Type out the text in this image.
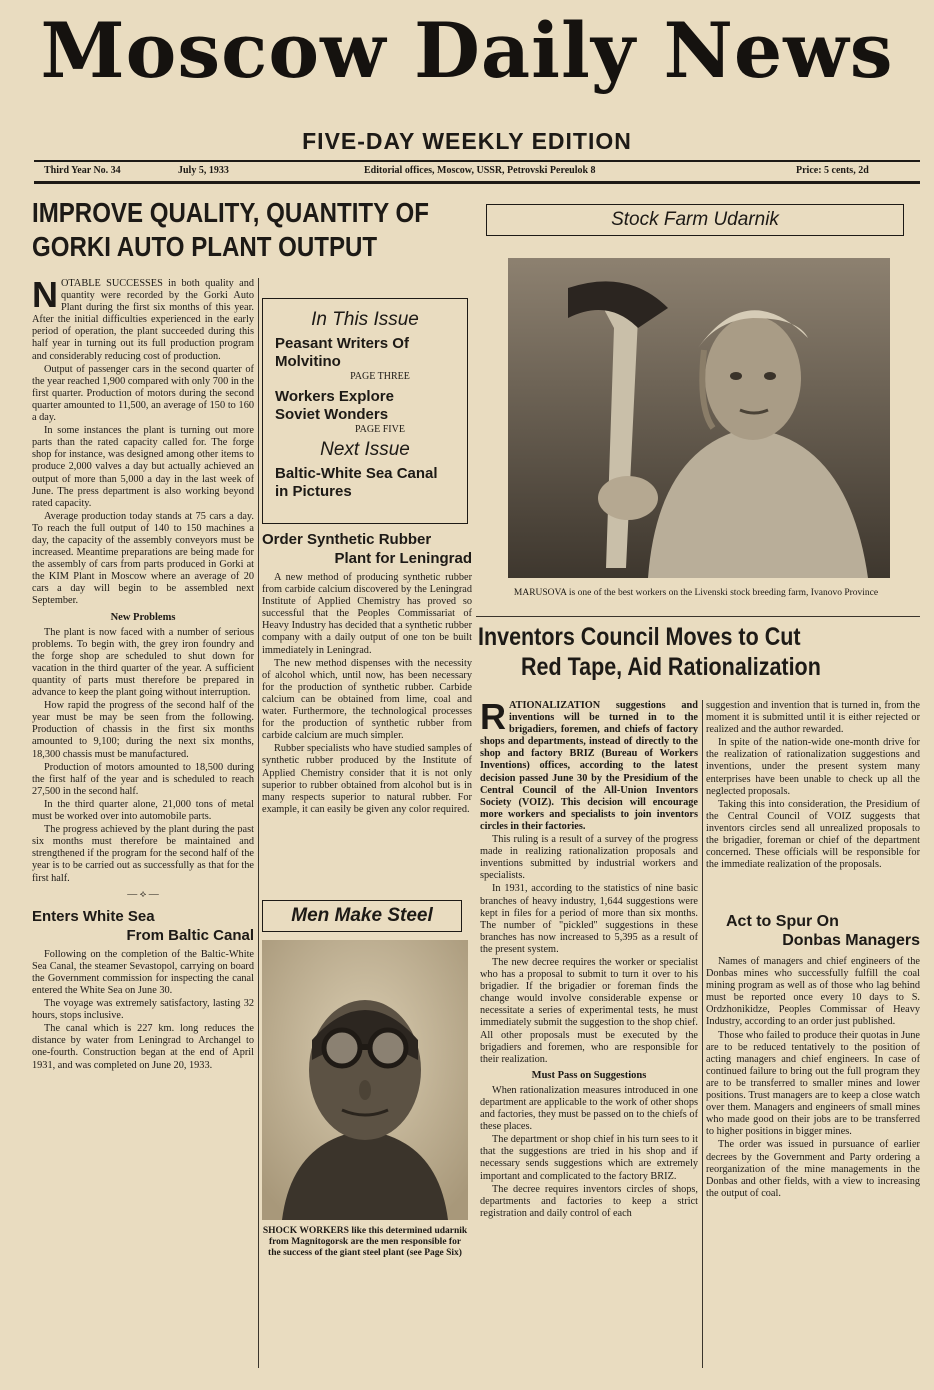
Moscow Daily News
FIVE-DAY WEEKLY EDITION
Third Year No. 34	July 5, 1933	Editorial offices, Moscow, USSR, Petrovski Pereulok 8	Price: 5 cents, 2d
IMPROVE QUALITY, QUANTITY OF GORKI AUTO PLANT OUTPUT

NOTABLE SUCCESSES in both quality and quantity were recorded by the Gorki Auto Plant during the first six months of this year. After the initial difficulties experienced in the early period of operation, the plant succeeded during this half year in turning out its full production program and considerably reducing cost of production.

Output of passenger cars in the second quarter of the year reached 1,900 compared with only 700 in the first quarter. Production of motors during the second quarter amounted to 11,500, an average of 150 to 160 a day.

In some instances the plant is turning out more parts than the rated capacity called for. The forge shop for instance, was designed among other items to produce 2,000 valves a day but actually achieved an output of more than 5,000 a day in the last week of June. The press department is also working beyond rated capacity.

Average production today stands at 75 cars a day. To reach the full output of 140 to 150 machines a day, the capacity of the assembly conveyors must be increased. Meantime preparations are being made for the assembly of cars from parts produced in Gorki at the KIM Plant in Moscow where an average of 20 cars a day will begin to be assembled next September.

New Problems

The plant is now faced with a number of serious problems. To begin with, the grey iron foundry and the forge shop are scheduled to shut down for vacation in the third quarter of the year. A sufficient quantity of parts must therefore be prepared in advance to keep the plant going without interruption.

How rapid the progress of the second half of the year must be may be seen from the following. Production of chassis in the first six months amounted to 9,100; during the next six months, 18,300 chassis must be manufactured.

Production of motors amounted to 18,500 during the first half of the year and is scheduled to reach 27,500 in the second half.

In the third quarter alone, 21,000 tons of metal must be worked over into automobile parts.

The progress achieved by the plant during the past six months must therefore be maintained and strengthened if the program for the second half of the year is to be carried out as successfully as that for the first half.

— ⟡ —
Enters White Sea
From Baltic Canal

Following on the completion of the Baltic-White Sea Canal, the steamer Sevastopol, carrying on board the Government commission for inspecting the canal entered the White Sea on June 30.

The voyage was extremely satisfactory, lasting 32 hours, stops inclusive.

The canal which is 227 km. long reduces the distance by water from Leningrad to Archangel to one-fourth. Construction began at the end of April 1931, and was completed on June 20, 1933.

In This Issue
Peasant Writers Of Molvitino
PAGE THREE
Workers Explore Soviet Wonders
PAGE FIVE
Next Issue
Baltic-White Sea Canal in Pictures
Order Synthetic Rubber
Plant for Leningrad

A new method of producing synthetic rubber from carbide calcium discovered by the Leningrad Institute of Applied Chemistry has proved so successful that the Peoples Commissariat of Heavy Industry has decided that a synthetic rubber company with a daily output of one ton be built immediately in Leningrad.

The new method dispenses with the necessity of alcohol which, until now, has been necessary for the production of synthetic rubber. Carbide calcium can be obtained from lime, coal and water. Furthermore, the technological processes for the production of synthetic rubber from carbide calcium are much simpler.

Rubber specialists who have studied samples of synthetic rubber produced by the Institute of Applied Chemistry consider that it is not only superior to rubber obtained from alcohol but is in many respects superior to natural rubber. For example, it can easily be given any color required.

Men Make Steel
SHOCK WORKERS like this determined udarnik from Magnitogorsk are the men responsible for the success of the giant steel plant (see Page Six)
Stock Farm Udarnik
MARUSOVA is one of the best workers on the Livenski stock breeding farm, Ivanovo Province
Inventors Council Moves to Cut
Red Tape, Aid Rationalization

RATIONALIZATION suggestions and inventions will be turned in to the brigadiers, foremen, and chiefs of factory shops and departments, instead of directly to the shop and factory BRIZ (Bureau of Workers Inventions) offices, according to the latest decision passed June 30 by the Presidium of the Central Council of the All-Union Inventors Society (VOIZ). This decision will encourage more workers and specialists to join inventors circles in their factories.

This ruling is a result of a survey of the progress made in realizing rationalization proposals and inventions submitted by industrial workers and specialists.

In 1931, according to the statistics of nine basic branches of heavy industry, 1,644 suggestions were kept in files for a period of more than six months. The number of "pickled" suggestions in these branches has now increased to 5,395 as a result of the present system.

The new decree requires the worker or specialist who has a proposal to submit to turn it over to his brigadier. If the brigadier or foreman finds the change would involve considerable expense or necessitate a series of experimental tests, he must immediately submit the suggestion to the shop chief. All other proposals must be executed by the brigadiers and foremen, who are responsible for their realization.

Must Pass on Suggestions

When rationalization measures introduced in one department are applicable to the work of other shops and factories, they must be passed on to the chiefs of these places.

The department or shop chief in his turn sees to it that the suggestions are tried in his shop and if necessary sends suggestions which are extremely important and complicated to the factory BRIZ.

The decree requires inventors circles of shops, departments and factories to keep a strict registration and daily control of each

suggestion and invention that is turned in, from the moment it is submitted until it is either rejected or realized and the author rewarded.

In spite of the nation-wide one-month drive for the realization of rationalization suggestions and inventions, under the present system many enterprises have been unable to check up all the neglected proposals.

Taking this into consideration, the Presidium of the Central Council of VOIZ suggests that inventors circles send all unrealized proposals to the brigadier, foreman or chief of the department concerned. These officials will be responsible for the immediate realization of the proposals.

Act to Spur On
Donbas Managers

Names of managers and chief engineers of the Donbas mines who successfully fulfill the coal mining program as well as of those who lag behind must be reported once every 10 days to S. Ordzhonikidze, Peoples Commissar of Heavy Industry, according to an order just published.

Those who failed to produce their quotas in June are to be reduced tentatively to the position of acting managers and chief engineers. In case of continued failure to bring out the full program they are to be transferred to smaller mines and lower positions. Trust managers are to keep a close watch over them. Managers and engineers of small mines who made good on their jobs are to be transferred to higher positions in bigger mines.

The order was issued in pursuance of earlier decrees by the Government and Party ordering a reorganization of the mine managements in the Donbas and other fields, with a view to increasing the output of coal.
